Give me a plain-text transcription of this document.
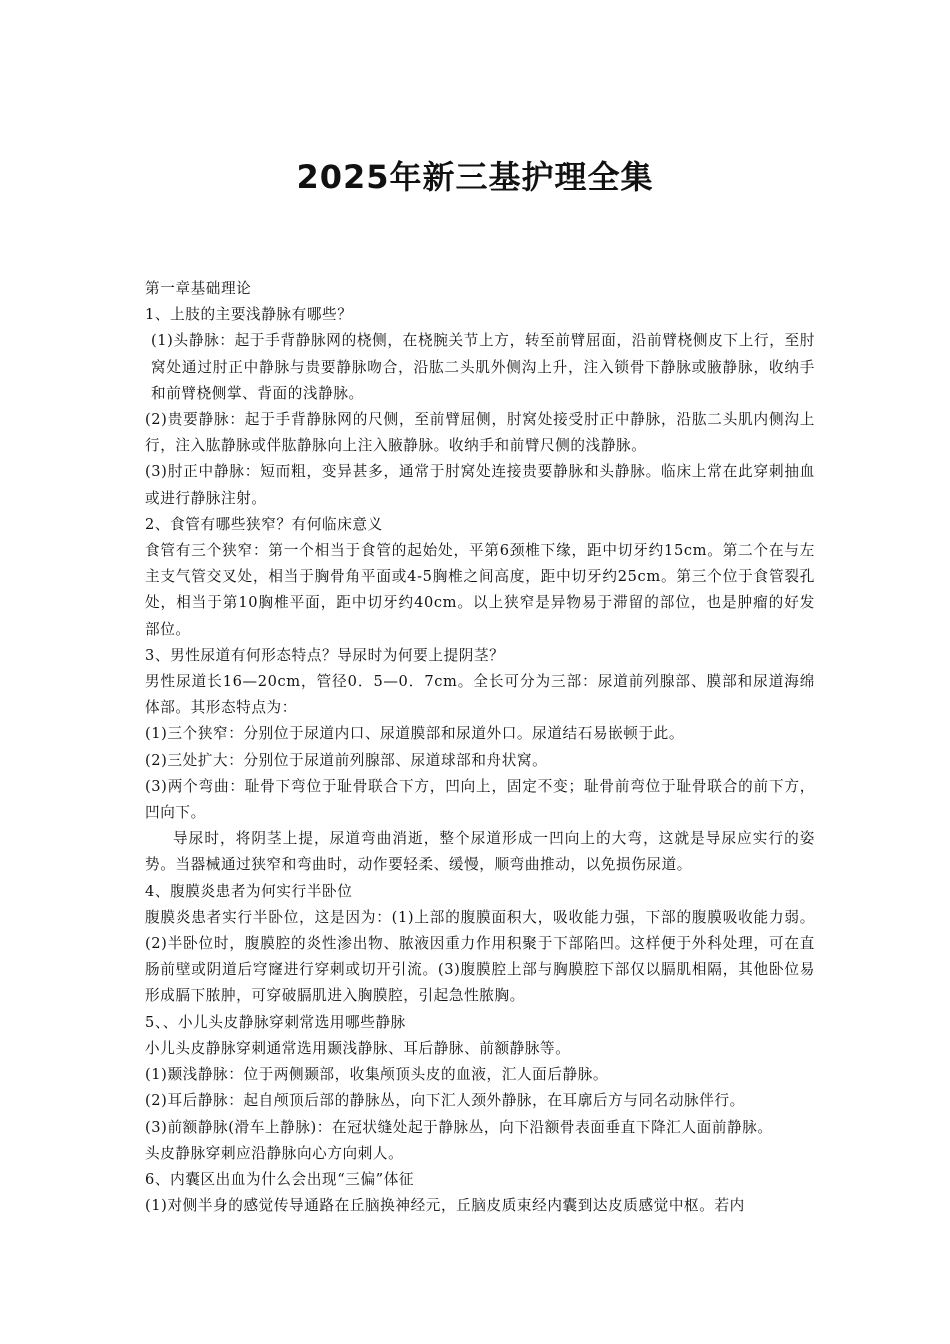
2025年新三基护理全集

第一章基础理论

1、上肢的主要浅静脉有哪些？

(1)头静脉：起于手背静脉网的桡侧，在桡腕关节上方，转至前臂屈面，沿前臂桡侧皮下上行，至肘窝处通过肘正中静脉与贵要静脉吻合，沿肱二头肌外侧沟上升，注入锁骨下静脉或腋静脉，收纳手和前臂桡侧掌、背面的浅静脉。

(2)贵要静脉：起于手背静脉网的尺侧，至前臂屈侧，肘窝处接受肘正中静脉，沿肱二头肌内侧沟上行，注入肱静脉或伴肱静脉向上注入腋静脉。收纳手和前臂尺侧的浅静脉。

(3)肘正中静脉：短而粗，变异甚多，通常于肘窝处连接贵要静脉和头静脉。临床上常在此穿刺抽血或进行静脉注射。

2、食管有哪些狭窄？有何临床意义

食管有三个狭窄：第一个相当于食管的起始处，平第6颈椎下缘，距中切牙约15cm。第二个在与左主支气管交叉处，相当于胸骨角平面或4-5胸椎之间高度，距中切牙约25cm。第三个位于食管裂孔处，相当于第10胸椎平面，距中切牙约40cm。以上狭窄是异物易于滞留的部位，也是肿瘤的好发部位。

3、男性尿道有何形态特点？导尿时为何要上提阴茎？

男性尿道长16—20cm，管径0．5—0．7cm。全长可分为三部：尿道前列腺部、膜部和尿道海绵体部。其形态特点为：

(1)三个狭窄：分别位于尿道内口、尿道膜部和尿道外口。尿道结石易嵌顿于此。

(2)三处扩大：分别位于尿道前列腺部、尿道球部和舟状窝。

(3)两个弯曲：耻骨下弯位于耻骨联合下方，凹向上，固定不变；耻骨前弯位于耻骨联合的前下方，凹向下。

导尿时，将阴茎上提，尿道弯曲消逝，整个尿道形成一凹向上的大弯，这就是导尿应实行的姿势。当器械通过狭窄和弯曲时，动作要轻柔、缓慢，顺弯曲推动，以免损伤尿道。

4、腹膜炎患者为何实行半卧位

腹膜炎患者实行半卧位，这是因为：(1)上部的腹膜面积大，吸收能力强，下部的腹膜吸收能力弱。(2)半卧位时，腹膜腔的炎性渗出物、脓液因重力作用积聚于下部陷凹。这样便于外科处理，可在直肠前壁或阴道后穹窿进行穿刺或切开引流。(3)腹膜腔上部与胸膜腔下部仅以膈肌相隔，其他卧位易形成膈下脓肿，可穿破膈肌进入胸膜腔，引起急性脓胸。

5、、小儿头皮静脉穿刺常选用哪些静脉

小儿头皮静脉穿刺通常选用颞浅静脉、耳后静脉、前额静脉等。

(1)颞浅静脉：位于两侧颞部，收集颅顶头皮的血液，汇人面后静脉。

(2)耳后静脉：起自颅顶后部的静脉丛，向下汇人颈外静脉，在耳廓后方与同名动脉伴行。

(3)前额静脉(滑车上静脉)：在冠状缝处起于静脉丛，向下沿额骨表面垂直下降汇人面前静脉。

头皮静脉穿刺应沿静脉向心方向刺人。

6、内囊区出血为什么会出现“三偏”体征

(1)对侧半身的感觉传导通路在丘脑换神经元，丘脑皮质束经内囊到达皮质感觉中枢。若内
